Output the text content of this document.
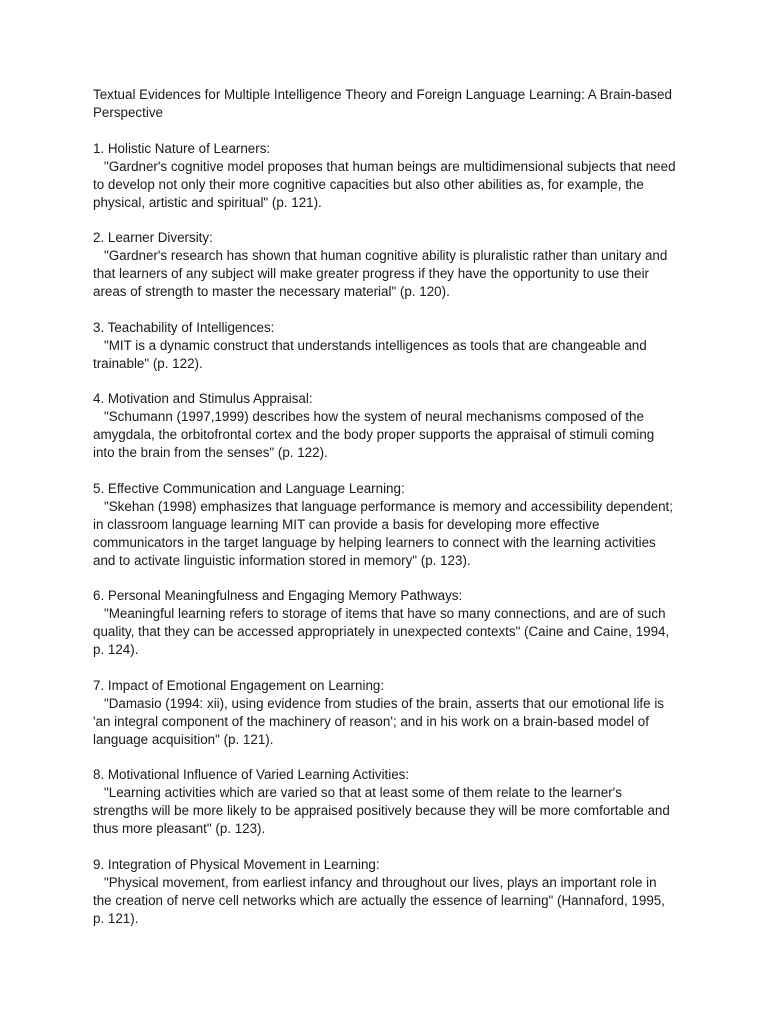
Textual Evidences for Multiple Intelligence Theory and Foreign Language Learning: A Brain-based Perspective

1. Holistic Nature of Learners:
"Gardner's cognitive model proposes that human beings are multidimensional subjects that need to develop not only their more cognitive capacities but also other abilities as, for example, the physical, artistic and spiritual" (p. 121).
2. Learner Diversity:
"Gardner's research has shown that human cognitive ability is pluralistic rather than unitary and that learners of any subject will make greater progress if they have the opportunity to use their areas of strength to master the necessary material" (p. 120).
3. Teachability of Intelligences:
"MIT is a dynamic construct that understands intelligences as tools that are changeable and trainable" (p. 122).
4. Motivation and Stimulus Appraisal:
"Schumann (1997,1999) describes how the system of neural mechanisms composed of the amygdala, the orbitofrontal cortex and the body proper supports the appraisal of stimuli coming into the brain from the senses" (p. 122).
5. Effective Communication and Language Learning:
"Skehan (1998) emphasizes that language performance is memory and accessibility dependent; in classroom language learning MIT can provide a basis for developing more effective communicators in the target language by helping learners to connect with the learning activities and to activate linguistic information stored in memory" (p. 123).
6. Personal Meaningfulness and Engaging Memory Pathways:
"Meaningful learning refers to storage of items that have so many connections, and are of such quality, that they can be accessed appropriately in unexpected contexts" (Caine and Caine, 1994, p. 124).
7. Impact of Emotional Engagement on Learning:
"Damasio (1994: xii), using evidence from studies of the brain, asserts that our emotional life is 'an integral component of the machinery of reason'; and in his work on a brain-based model of language acquisition" (p. 121).
8. Motivational Influence of Varied Learning Activities:
"Learning activities which are varied so that at least some of them relate to the learner's strengths will be more likely to be appraised positively because they will be more comfortable and thus more pleasant" (p. 123).
9. Integration of Physical Movement in Learning:
"Physical movement, from earliest infancy and throughout our lives, plays an important role in the creation of nerve cell networks which are actually the essence of learning" (Hannaford, 1995, p. 121).
